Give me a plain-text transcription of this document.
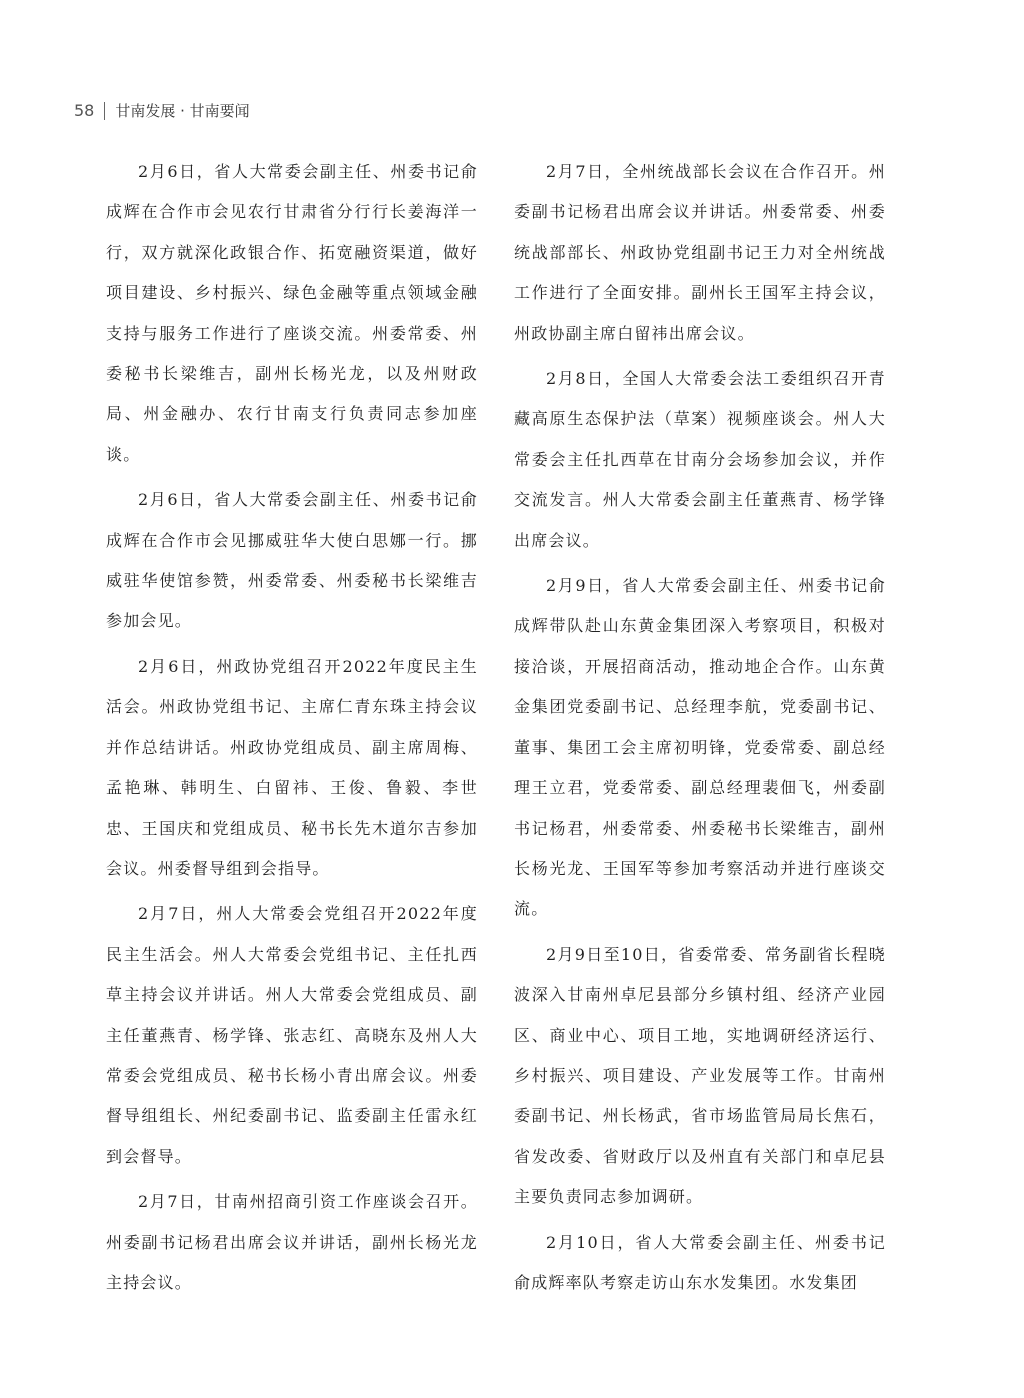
58 甘南发展 · 甘南要闻

2月6日，省人大常委会副主任、州委书记俞成辉在合作市会见农行甘肃省分行行长姜海洋一行，双方就深化政银合作、拓宽融资渠道，做好项目建设、乡村振兴、绿色金融等重点领域金融支持与服务工作进行了座谈交流。州委常委、州委秘书长梁维吉，副州长杨光龙，以及州财政局、州金融办、农行甘南支行负责同志参加座谈。

2月6日，省人大常委会副主任、州委书记俞成辉在合作市会见挪威驻华大使白思娜一行。挪威驻华使馆参赞，州委常委、州委秘书长梁维吉参加会见。

2月6日，州政协党组召开2022年度民主生活会。州政协党组书记、主席仁青东珠主持会议并作总结讲话。州政协党组成员、副主席周梅、孟艳琳、韩明生、白留祎、王俊、鲁毅、李世忠、王国庆和党组成员、秘书长先木道尔吉参加会议。州委督导组到会指导。

2月7日，州人大常委会党组召开2022年度民主生活会。州人大常委会党组书记、主任扎西草主持会议并讲话。州人大常委会党组成员、副主任董燕青、杨学锋、张志红、高晓东及州人大常委会党组成员、秘书长杨小青出席会议。州委督导组组长、州纪委副书记、监委副主任雷永红到会督导。

2月7日，甘南州招商引资工作座谈会召开。州委副书记杨君出席会议并讲话，副州长杨光龙主持会议。

2月7日，全州统战部长会议在合作召开。州委副书记杨君出席会议并讲话。州委常委、州委统战部部长、州政协党组副书记王力对全州统战工作进行了全面安排。副州长王国军主持会议，州政协副主席白留祎出席会议。

2月8日，全国人大常委会法工委组织召开青藏高原生态保护法（草案）视频座谈会。州人大常委会主任扎西草在甘南分会场参加会议，并作交流发言。州人大常委会副主任董燕青、杨学锋出席会议。

2月9日，省人大常委会副主任、州委书记俞成辉带队赴山东黄金集团深入考察项目，积极对接洽谈，开展招商活动，推动地企合作。山东黄金集团党委副书记、总经理李航，党委副书记、董事、集团工会主席初明锋，党委常委、副总经理王立君，党委常委、副总经理裴佃飞，州委副书记杨君，州委常委、州委秘书长梁维吉，副州长杨光龙、王国军等参加考察活动并进行座谈交流。

2月9日至10日，省委常委、常务副省长程晓波深入甘南州卓尼县部分乡镇村组、经济产业园区、商业中心、项目工地，实地调研经济运行、乡村振兴、项目建设、产业发展等工作。甘南州委副书记、州长杨武，省市场监管局局长焦石，省发改委、省财政厅以及州直有关部门和卓尼县主要负责同志参加调研。

2月10日，省人大常委会副主任、州委书记俞成辉率队考察走访山东水发集团。水发集团
